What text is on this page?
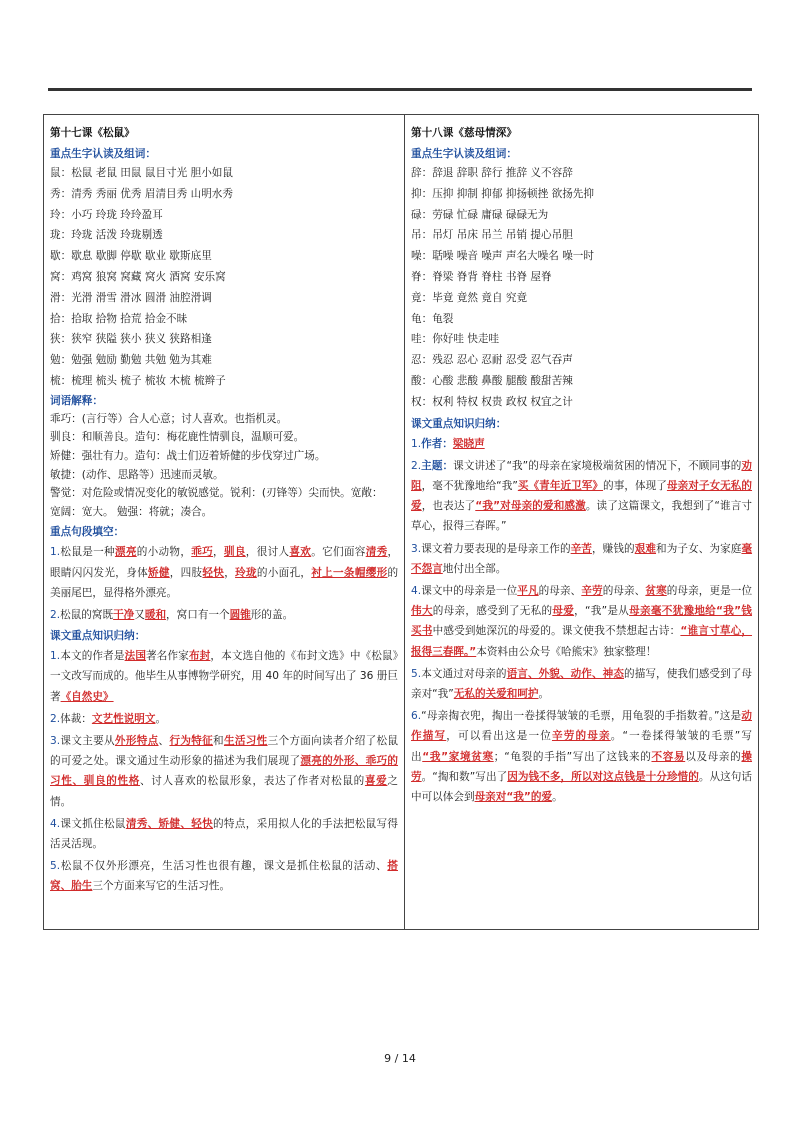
第十七课《松鼠》
重点生字认读及组词：
鼠：松鼠 老鼠 田鼠 鼠目寸光 胆小如鼠
秀：清秀 秀丽 优秀 眉清目秀 山明水秀
玲：小巧 玲珑 玲玲盈耳
珑：玲珑 活泼 玲珑剔透
歇：歇息 歇脚 停歇 歇业 歇斯底里
窝：鸡窝 狼窝 窝藏 窝火 酒窝 安乐窝
滑：光滑 滑雪 滑冰 圆滑 油腔滑调
拾：拾取 拾物 拾荒 拾金不昧
狭：狭窄 狭隘 狭小 狭义 狭路相逢
勉：勉强 勉励 勤勉 共勉 勉为其难
梳：梳理 梳头 梳子 梳妆 木梳 梳辫子
词语解释：
乖巧：(言行等）合人心意；讨人喜欢。也指机灵。
驯良：和顺善良。造句：梅花鹿性情驯良，温顺可爱。
矫健：强壮有力。造句：战士们迈着矫健的步伐穿过广场。
敏捷：(动作、思路等）迅速而灵敏。
警觉：对危险或情况变化的敏锐感觉。锐利：(刃锋等）尖而快。宽敞：
宽阔：宽大。 勉强：将就；凑合。
重点句段填空：
1.松鼠是一种漂亮的小动物，乖巧，驯良，很讨人喜欢。它们面容清秀，眼睛闪闪发光，身体矫健，四肢轻快，玲珑的小面孔，衬上一条帽缨形的美丽尾巴，显得格外漂亮。
2.松鼠的窝既干净又暖和，窝口有一个圆锥形的盖。
课文重点知识归纳：
1.本文的作者是法国著名作家布封，本文选自他的《布封文选》中《松鼠》一文改写而成的。他毕生从事博物学研究，用 40 年的时间写出了 36 册巨著《自然史》
2.体裁：文艺性说明文。
3.课文主要从外形特点、行为特征和生活习性三个方面向读者介绍了松鼠的可爱之处。课文通过生动形象的描述为我们展现了漂亮的外形、乖巧的习性、驯良的性格、讨人喜欢的松鼠形象，表达了作者对松鼠的喜爱之情。
4.课文抓住松鼠清秀、矫健、轻快的特点，采用拟人化的手法把松鼠写得活灵活现。
5.松鼠不仅外形漂亮，生活习性也很有趣，课文是抓住松鼠的活动、搭窝、胎生三个方面来写它的生活习性。
第十八课《慈母情深》
重点生字认读及组词：
辞：辞退 辞职 辞行 推辞 义不容辞
抑：压抑 抑制 抑郁 抑扬顿挫 欲扬先抑
碌：劳碌 忙碌 庸碌 碌碌无为
吊：吊灯 吊床 吊兰 吊销 提心吊胆
噪：聒噪 噪音 噪声 声名大噪名 噪一时
脊：脊梁 脊背 脊柱 书脊 屋脊
竟：毕竟 竟然 竟自 究竟
龟：龟裂
哇：你好哇 快走哇
忍：残忍 忍心 忍耐 忍受 忍气吞声
酸：心酸 悲酸 鼻酸 腿酸 酸甜苦辣
权：权利 特权 权贵 政权 权宜之计
课文重点知识归纳：
1.作者：梁晓声
2.主题：课文讲述了“我”的母亲在家境极端贫困的情况下，不顾同事的劝阻，毫不犹豫地给“我”买《青年近卫军》的事，体现了母亲对子女无私的爱，也表达了“我”对母亲的爱和感激。读了这篇课文，我想到了“谁言寸草心，报得三春晖。”
3.课文着力要表现的是母亲工作的辛苦，赚钱的艰难和为子女、为家庭毫不怨言地付出全部。
4.课文中的母亲是一位平凡的母亲、辛劳的母亲、贫寒的母亲，更是一位伟大的母亲，感受到了无私的母爱，“我”是从母亲毫不犹豫地给“我”钱买书中感受到她深沉的母爱的。课文使我不禁想起古诗：“谁言寸草心，报得三春晖。”本资料由公众号《哈熊宋》独家整理！
5.本文通过对母亲的语言、外貌、动作、神态的描写，使我们感受到了母亲对“我”无私的关爱和呵护。
6.“母亲掏衣兜，掏出一卷揉得皱皱的毛票，用龟裂的手指数着。”这是动作描写，可以看出这是一位辛劳的母亲。“一卷揉得皱皱的毛票”写出“我”家境贫寒；“龟裂的手指”写出了这钱来的不容易以及母亲的操劳。“掏和数”写出了因为钱不多，所以对这点钱是十分珍惜的。从这句话中可以体会到母亲对“我”的爱。
9 / 14
